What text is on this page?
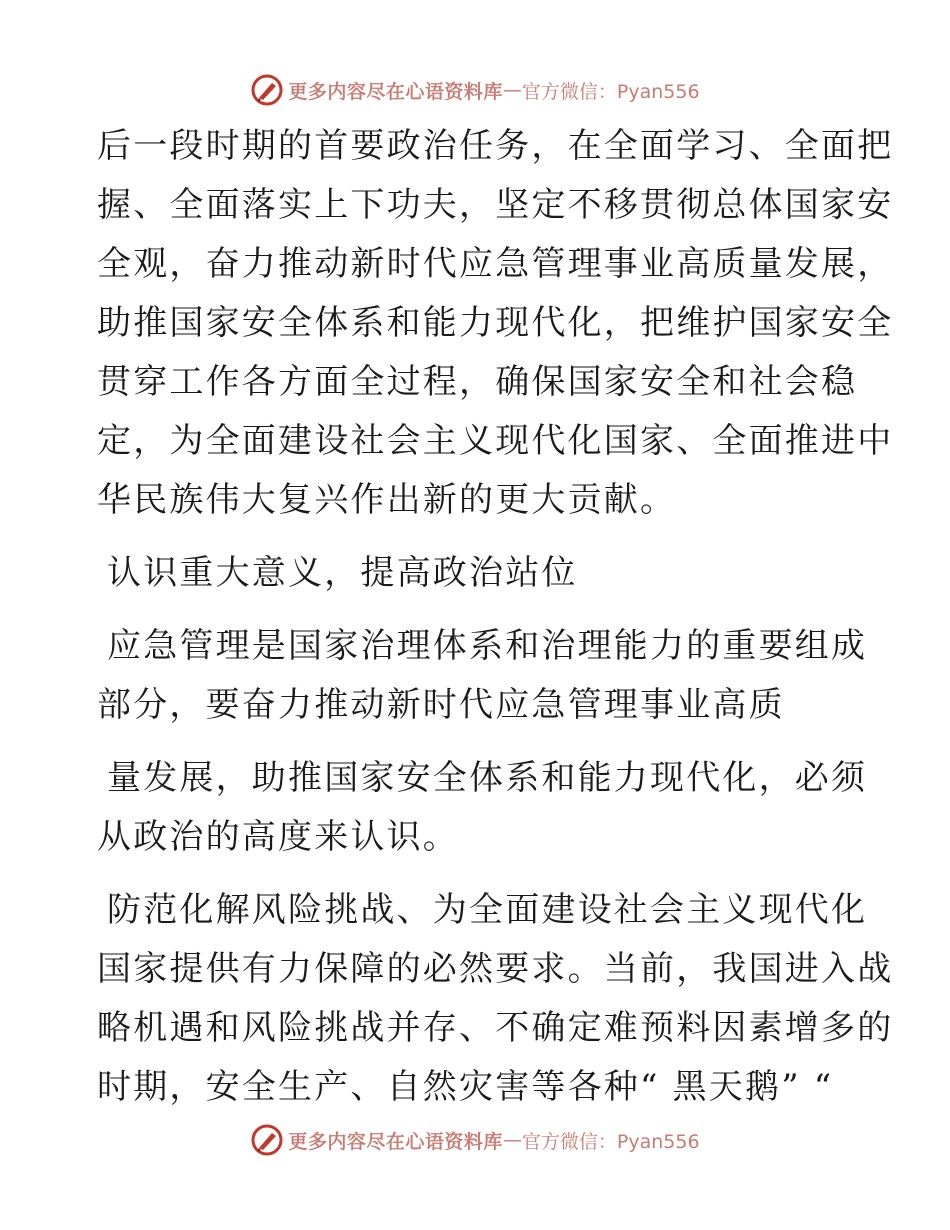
更多内容尽在心语资料库 — 官方微信：Pyan556
后一段时期的首要政治任务，在全面学习、全面把
握、全面落实上下功夫，坚定不移贯彻总体国家安
全观，奋力推动新时代应急管理事业高质量发展，
助推国家安全体系和能力现代化，把维护国家安全
贯穿工作各方面全过程，确保国家安全和社会稳
定，为全面建设社会主义现代化国家、全面推进中
华民族伟大复兴作出新的更大贡献。
认识重大意义，提高政治站位
应急管理是国家治理体系和治理能力的重要组成
部分，要奋力推动新时代应急管理事业高质
量发展，助推国家安全体系和能力现代化，必须
从政治的高度来认识。
防范化解风险挑战、为全面建设社会主义现代化
国家提供有力保障的必然要求。当前，我国进入战
略机遇和风险挑战并存、不确定难预料因素增多的
时期，安全生产、自然灾害等各种“ 黑天鹅” “
更多内容尽在心语资料库 — 官方微信：Pyan556
